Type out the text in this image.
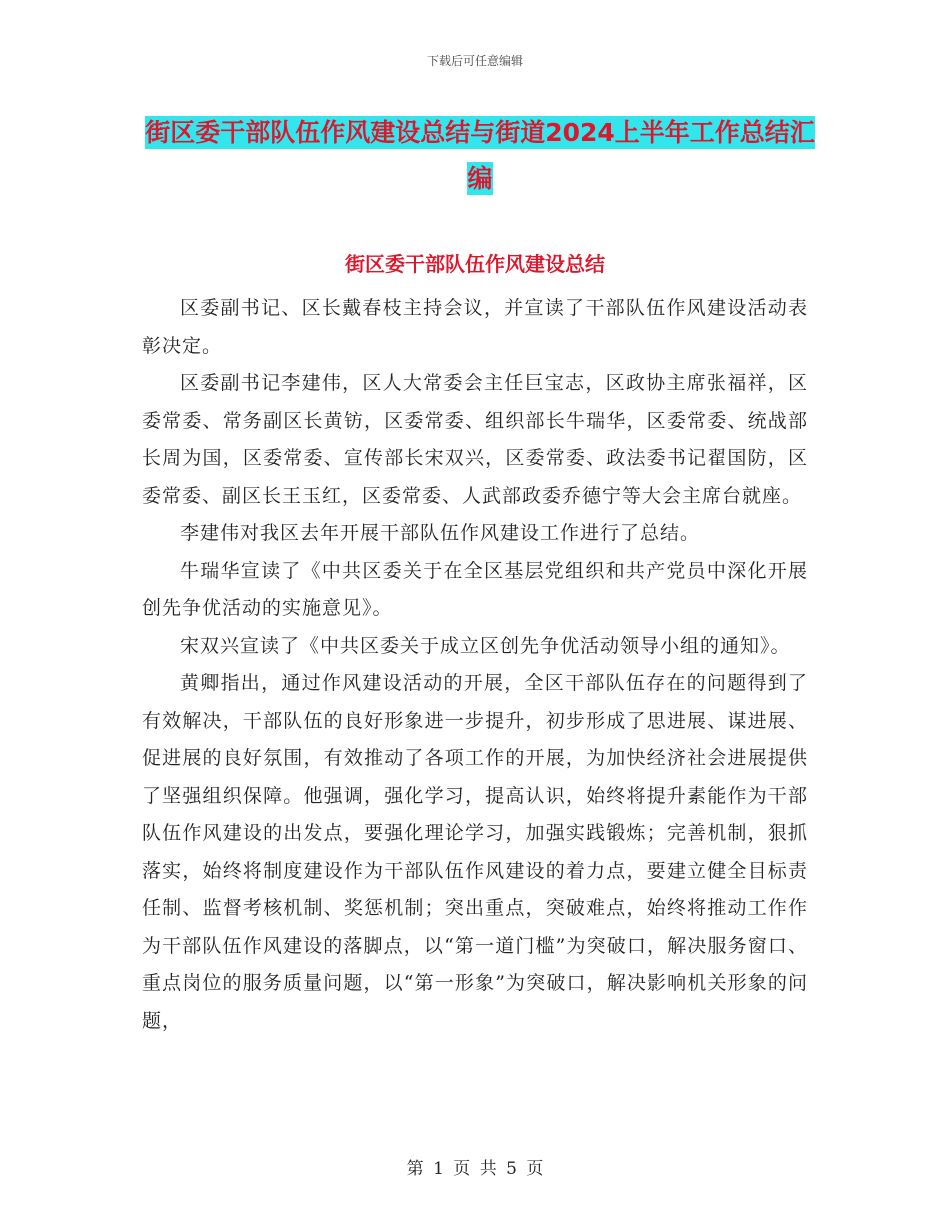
下载后可任意编辑
街区委干部队伍作风建设总结与街道2024上半年工作总结汇编
街区委干部队伍作风建设总结

区委副书记、区长戴春枝主持会议，并宣读了干部队伍作风建设活动表彰决定。

区委副书记李建伟，区人大常委会主任巨宝志，区政协主席张福祥，区委常委、常务副区长黄钫，区委常委、组织部长牛瑞华，区委常委、统战部长周为国，区委常委、宣传部长宋双兴，区委常委、政法委书记翟国防，区委常委、副区长王玉红，区委常委、人武部政委乔德宁等大会主席台就座。

李建伟对我区去年开展干部队伍作风建设工作进行了总结。

牛瑞华宣读了《中共区委关于在全区基层党组织和共产党员中深化开展创先争优活动的实施意见》。

宋双兴宣读了《中共区委关于成立区创先争优活动领导小组的通知》。

黄卿指出，通过作风建设活动的开展，全区干部队伍存在的问题得到了有效解决，干部队伍的良好形象进一步提升，初步形成了思进展、谋进展、促进展的良好氛围，有效推动了各项工作的开展，为加快经济社会进展提供了坚强组织保障。他强调，强化学习，提高认识，始终将提升素能作为干部队伍作风建设的出发点，要强化理论学习，加强实践锻炼；完善机制，狠抓落实，始终将制度建设作为干部队伍作风建设的着力点，要建立健全目标责任制、监督考核机制、奖惩机制；突出重点，突破难点，始终将推动工作作为干部队伍作风建设的落脚点，以“第一道门槛”为突破口，解决服务窗口、重点岗位的服务质量问题，以“第一形象”为突破口，解决影响机关形象的问题，

第 1 页 共 5 页
